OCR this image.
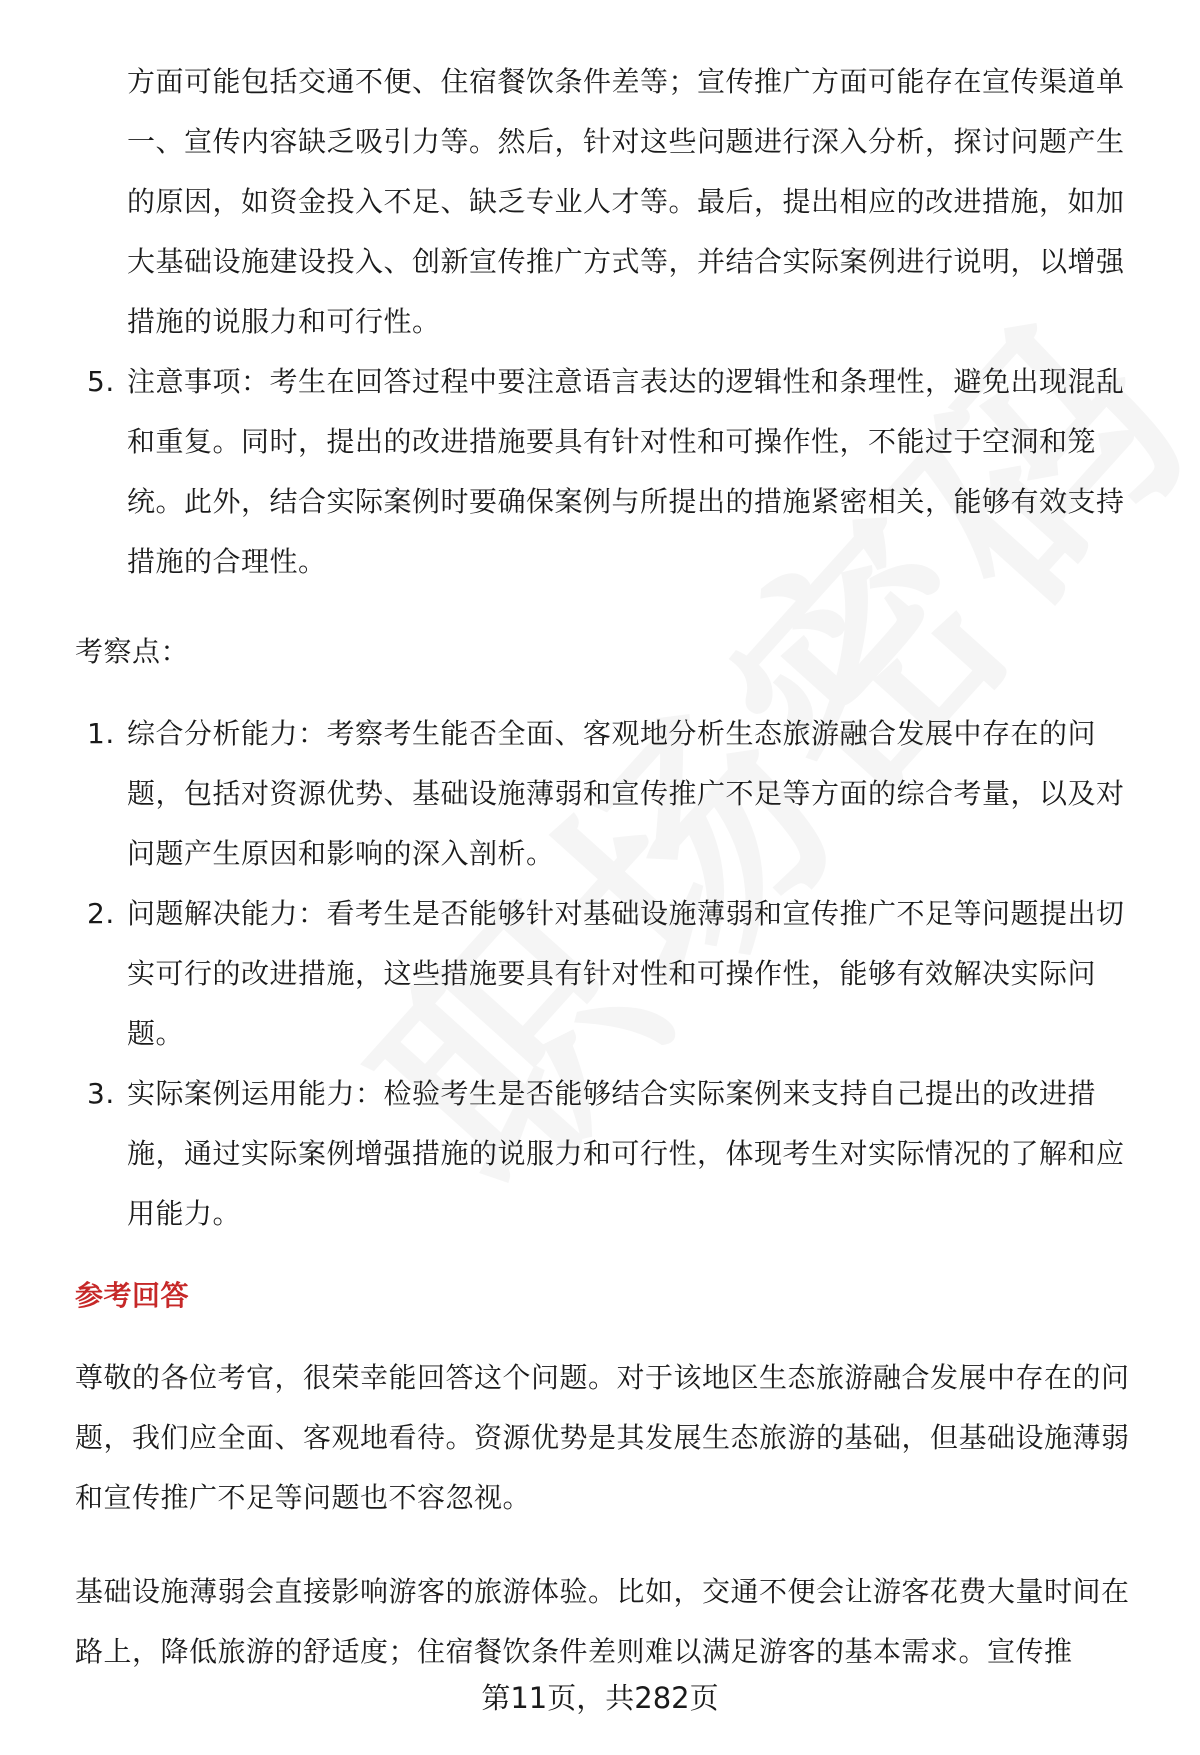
方面可能包括交通不便、住宿餐饮条件差等；宣传推广方面可能存在宣传渠道单一、宣传内容缺乏吸引力等。然后，针对这些问题进行深入分析，探讨问题产生的原因，如资金投入不足、缺乏专业人才等。最后，提出相应的改进措施，如加大基础设施建设投入、创新宣传推广方式等，并结合实际案例进行说明，以增强措施的说服力和可行性。

5. 注意事项：考生在回答过程中要注意语言表达的逻辑性和条理性，避免出现混乱和重复。同时，提出的改进措施要具有针对性和可操作性，不能过于空洞和笼统。此外，结合实际案例时要确保案例与所提出的措施紧密相关，能够有效支持措施的合理性。

考察点：

1. 综合分析能力：考察考生能否全面、客观地分析生态旅游融合发展中存在的问题，包括对资源优势、基础设施薄弱和宣传推广不足等方面的综合考量，以及对问题产生原因和影响的深入剖析。
2. 问题解决能力：看考生是否能够针对基础设施薄弱和宣传推广不足等问题提出切实可行的改进措施，这些措施要具有针对性和可操作性，能够有效解决实际问题。
3. 实际案例运用能力：检验考生是否能够结合实际案例来支持自己提出的改进措施，通过实际案例增强措施的说服力和可行性，体现考生对实际情况的了解和应用能力。

参考回答

尊敬的各位考官，很荣幸能回答这个问题。对于该地区生态旅游融合发展中存在的问题，我们应全面、客观地看待。资源优势是其发展生态旅游的基础，但基础设施薄弱和宣传推广不足等问题也不容忽视。

基础设施薄弱会直接影响游客的旅游体验。比如，交通不便会让游客花费大量时间在路上，降低旅游的舒适度；住宿餐饮条件差则难以满足游客的基本需求。宣传推

第11页，共282页
